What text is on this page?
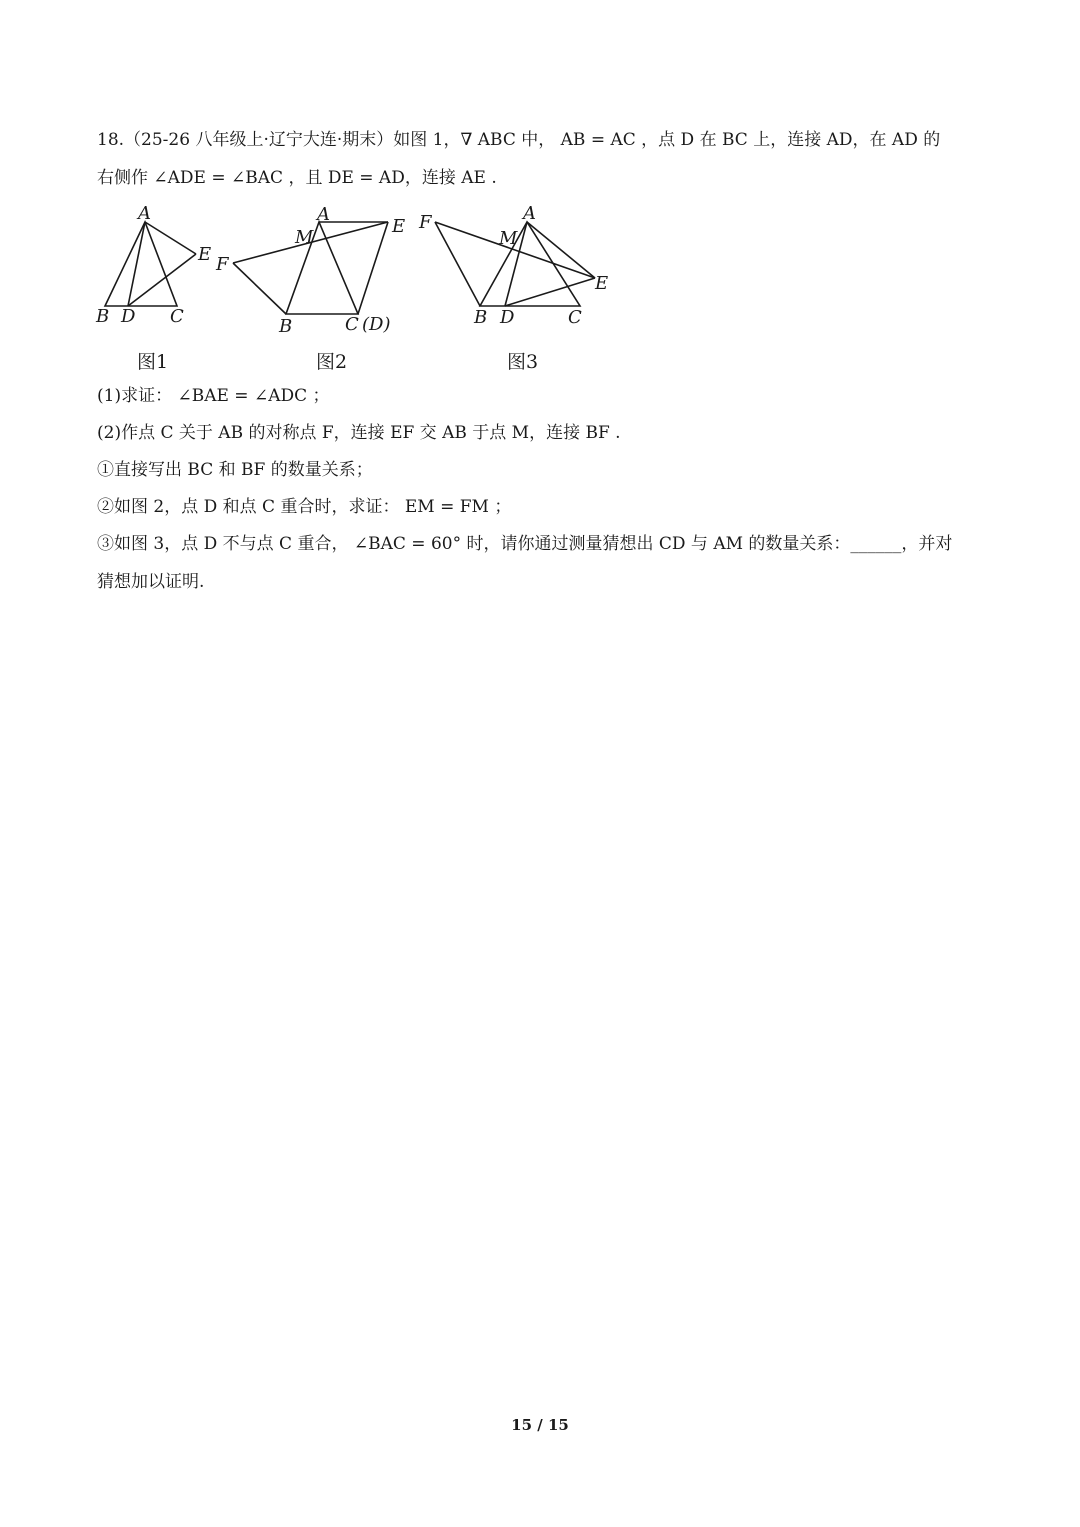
18.（25-26 八年级上·辽宁大连·期末）如图 1，∇ ABC 中， AB = AC ，点 D 在 BC 上，连接 AD，在 AD 的
右侧作 ∠ADE = ∠BAC ，且 DE = AD，连接 AE .
A
B D C
E
A
M
E
F
B	C (D)
A
M
F
E
B D	C
图1	图2	图3
(1)求证： ∠BAE = ∠ADC ；
(2)作点 C 关于 AB 的对称点 F，连接 EF 交 AB 于点 M，连接 BF .
①直接写出 BC 和 BF 的数量关系；
②如图 2，点 D 和点 C 重合时，求证： EM = FM ；
③如图 3，点 D 不与点 C 重合， ∠BAC = 60° 时，请你通过测量猜想出 CD 与 AM 的数量关系：______，并对
猜想加以证明.
15 / 15
